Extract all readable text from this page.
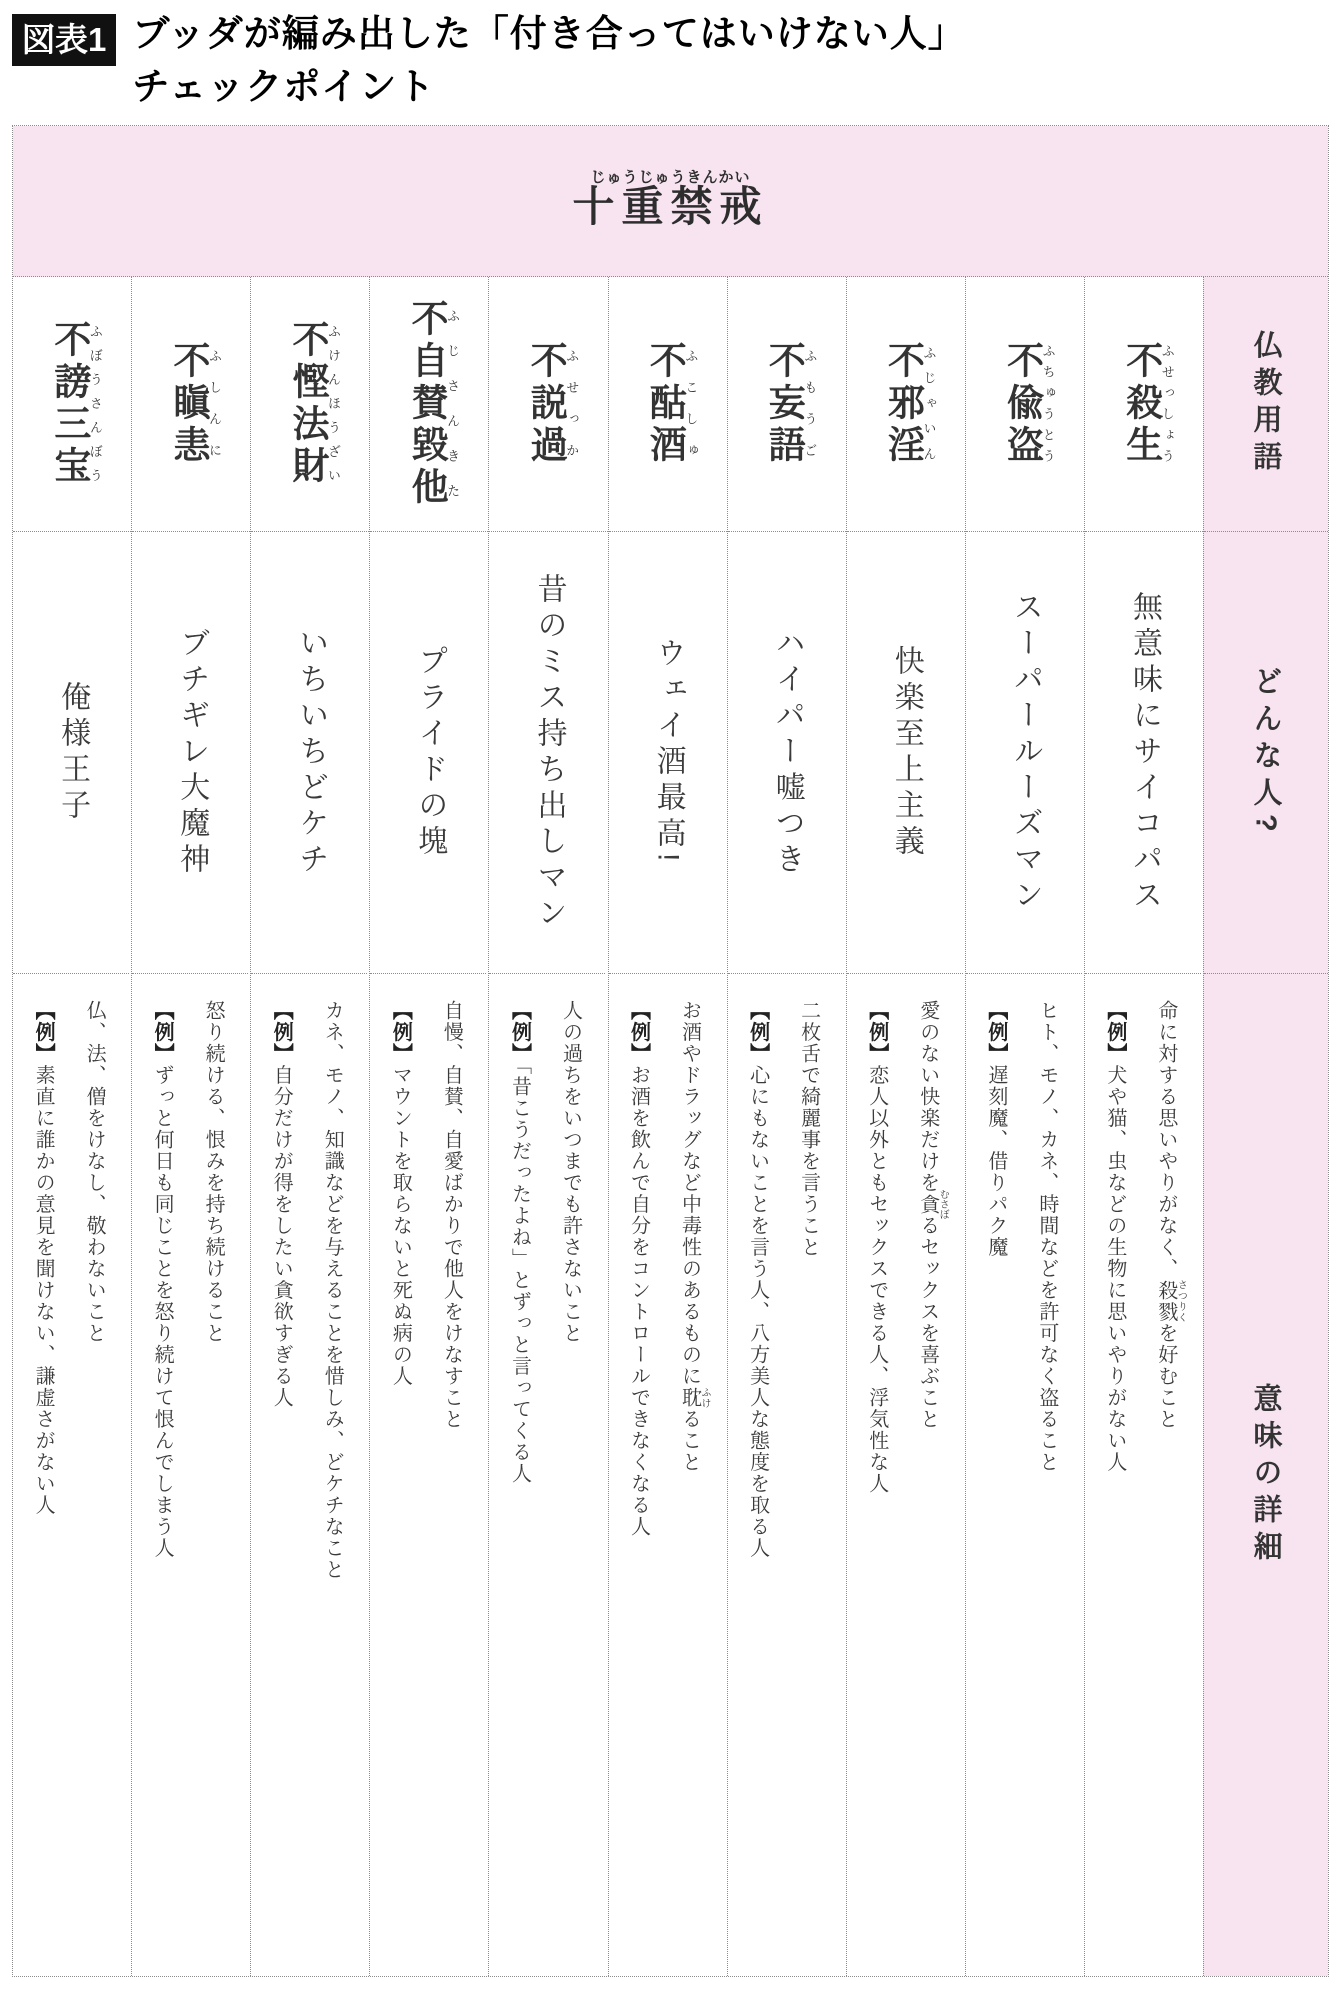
図表1 ブッダが編み出した「付き合ってはいけない人」
チェックポイント
十重禁戒じゅうじゅうきんかい
仏教用語
どんな人?
意味の詳細
不殺生ふせっしょう
無意味にサイコパス

命に対する思いやりがなく、殺戮さつりくを好むこと

【例】犬や猫、虫などの生物に思いやりがない人

不偸盗ふちゅうとう
スーパールーズマン

ヒト、モノ、カネ、時間などを許可なく盗ること

【例】遅刻魔、借りパク魔

不邪淫ふじゃいん
快楽至上主義

愛のない快楽だけを貪むさぼるセックスを喜ぶこと

【例】恋人以外ともセックスできる人、浮気性な人

不妄語ふもうご
ハイパー嘘つき

二枚舌で綺麗事を言うこと

【例】心にもないことを言う人、八方美人な態度を取る人

不酤酒ふこしゅ
ウェイ酒最高!

お酒やドラッグなど中毒性のあるものに耽ふけること

【例】お酒を飲んで自分をコントロールできなくなる人

不説過ふせっか
昔のミス持ち出しマン

人の過ちをいつまでも許さないこと

【例】「昔こうだったよね」とずっと言ってくる人

不自賛毀他ふじさんきた
プライドの塊

自慢、自賛、自愛ばかりで他人をけなすこと

【例】マウントを取らないと死ぬ病の人

不慳法財ふけんほうざい
いちいちどケチ

カネ、モノ、知識などを与えることを惜しみ、どケチなこと

【例】自分だけが得をしたい貪欲すぎる人

不瞋恚ふしんに
ブチギレ大魔神

怒り続ける、恨みを持ち続けること

【例】ずっと何日も同じことを怒り続けて恨んでしまう人

不謗三宝ふぼうさんぼう
俺様王子

仏、法、僧をけなし、敬わないこと

【例】素直に誰かの意見を聞けない、謙虚さがない人
